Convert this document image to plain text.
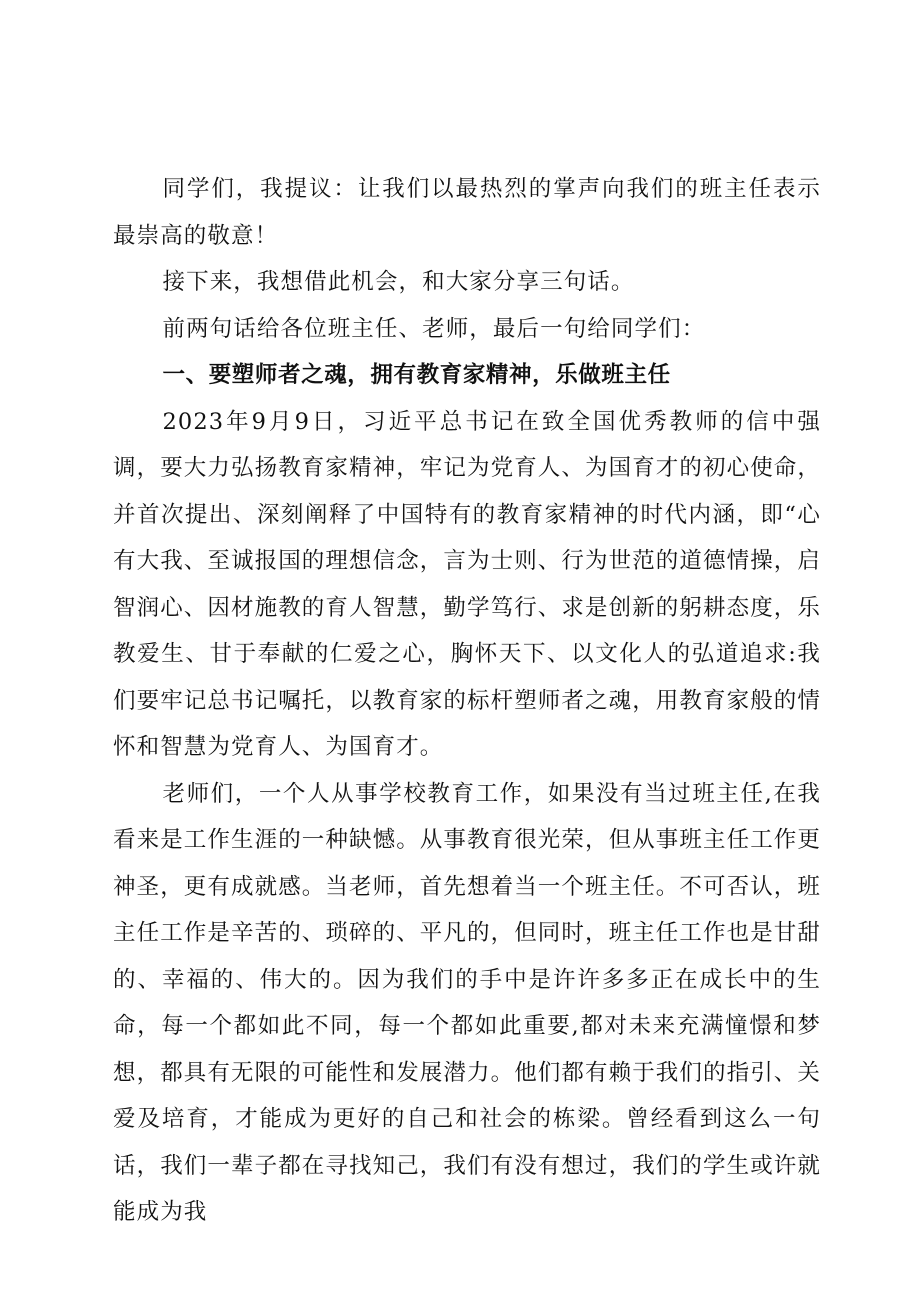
同学们，我提议：让我们以最热烈的掌声向我们的班主任表示最崇高的敬意！

接下来，我想借此机会，和大家分享三句话。

前两句话给各位班主任、老师，最后一句给同学们：

一、要塑师者之魂，拥有教育家精神，乐做班主任

2023年9月9日，习近平总书记在致全国优秀教师的信中强调，要大力弘扬教育家精神，牢记为党育人、为国育才的初心使命，并首次提出、深刻阐释了中国特有的教育家精神的时代内涵，即“心有大我、至诚报国的理想信念，言为士则、行为世范的道德情操，启智润心、因材施教的育人智慧，勤学笃行、求是创新的躬耕态度，乐教爱生、甘于奉献的仁爱之心，胸怀天下、以文化人的弘道追求:我们要牢记总书记嘱托，以教育家的标杆塑师者之魂，用教育家般的情怀和智慧为党育人、为国育才。

老师们，一个人从事学校教育工作，如果没有当过班主任,在我看来是工作生涯的一种缺憾。从事教育很光荣，但从事班主任工作更神圣，更有成就感。当老师，首先想着当一个班主任。不可否认，班主任工作是辛苦的、琐碎的、平凡的，但同时，班主任工作也是甘甜的、幸福的、伟大的。因为我们的手中是许许多多正在成长中的生命，每一个都如此不同，每一个都如此重要,都对未来充满憧憬和梦想，都具有无限的可能性和发展潜力。他们都有赖于我们的指引、关爱及培育，才能成为更好的自己和社会的栋梁。曾经看到这么一句话，我们一辈子都在寻找知己，我们有没有想过，我们的学生或许就能成为我
